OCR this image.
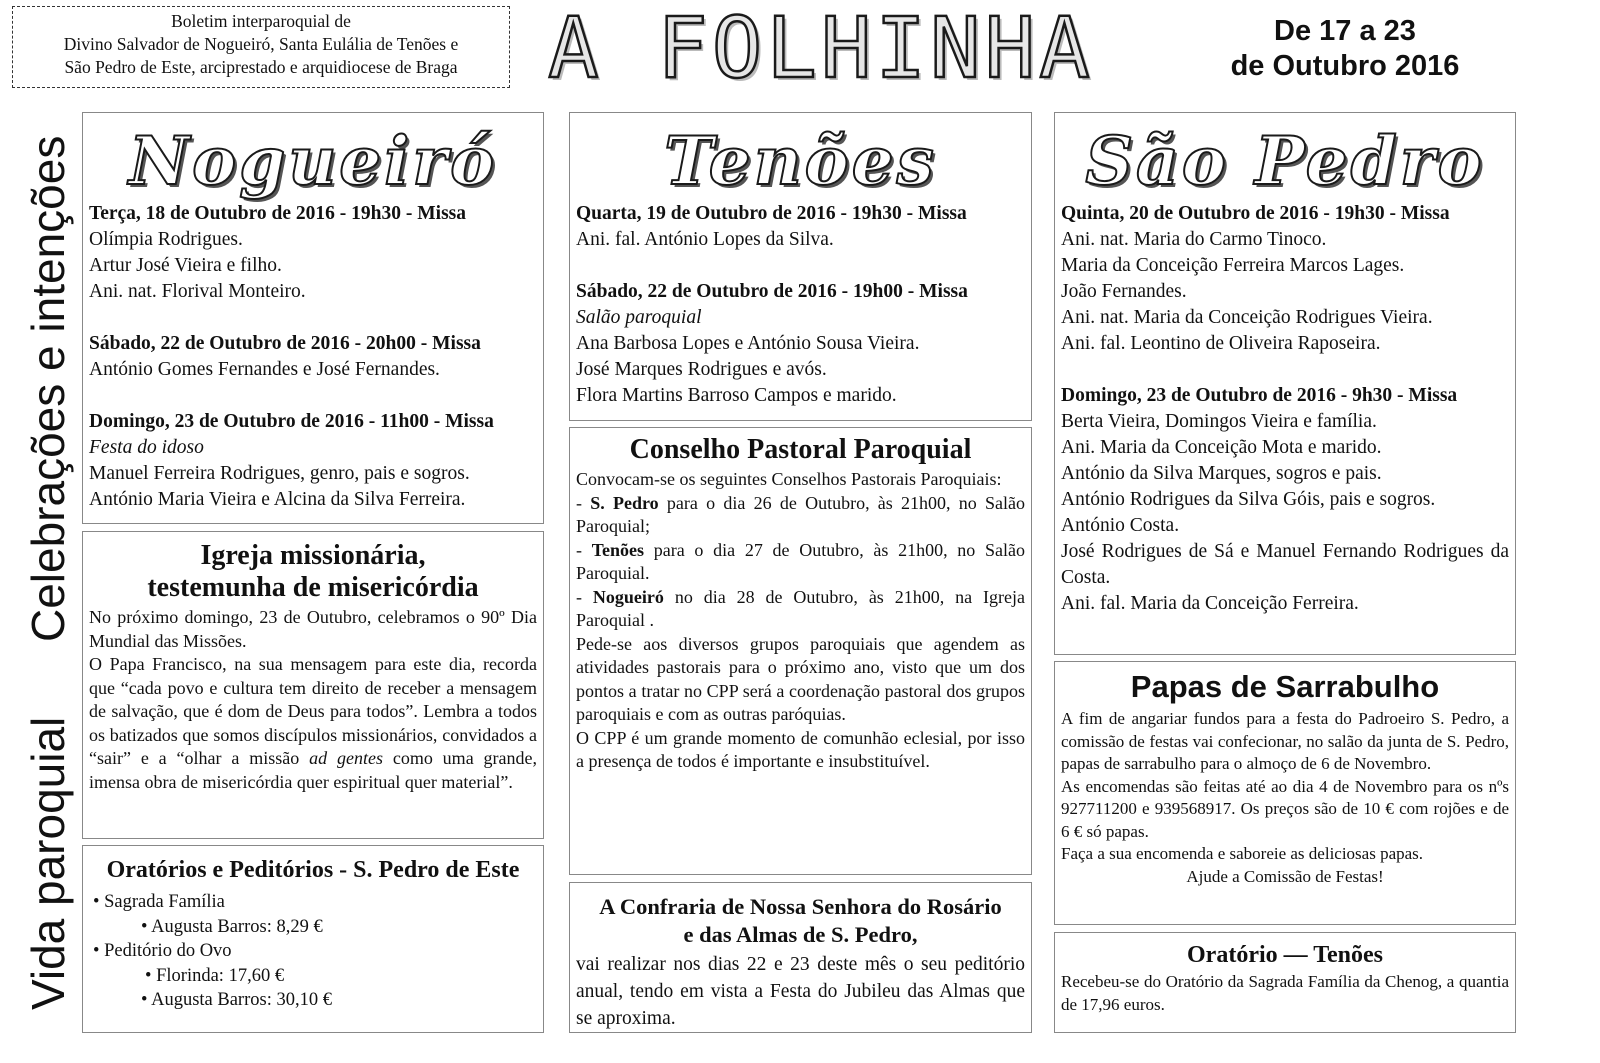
Boletim interparoquial de
Divino Salvador de Nogueiró, Santa Eulália de Tenões e
São Pedro de Este, arciprestado e arquidiocese de Braga	A FOLHINHA	De 17 a 23
de Outubro 2016
Vida paroquial
Celebrações e intenções Nogueiró
Terça, 18 de Outubro de 2016 - 19h30 - Missa
Olímpia Rodrigues.
Artur José Vieira e filho.
Ani. nat. Florival Monteiro.
Sábado, 22 de Outubro de 2016 - 20h00 - Missa
António Gomes Fernandes e José Fernandes.
Domingo, 23 de Outubro de 2016 - 11h00 - Missa
Festa do idoso
Manuel Ferreira Rodrigues, genro, pais e sogros.
António Maria Vieira e Alcina da Silva Ferreira.
Igreja missionária,
testemunha de misericórdia
No próximo domingo, 23 de Outubro, celebramos o 90º Dia Mundial das Missões.
O Papa Francisco, na sua mensagem para este dia, recorda que “cada povo e cultura tem direito de receber a mensagem de salvação, que é dom de Deus para todos”. Lembra a todos os batizados que somos discípulos missionários, convidados a “sair” e a “olhar a missão ad gentes como uma grande, imensa obra de misericórdia quer espiritual quer material”.
Oratórios e Peditórios - S. Pedro de Este
• Sagrada Família
• Augusta Barros: 8,29 €
• Peditório do Ovo
• Florinda: 17,60 €
• Augusta Barros: 30,10 €
Tenões
Quarta, 19 de Outubro de 2016 - 19h30 - Missa
Ani. fal. António Lopes da Silva.
Sábado, 22 de Outubro de 2016 - 19h00 - Missa
Salão paroquial
Ana Barbosa Lopes e António Sousa Vieira.
José Marques Rodrigues e avós.
Flora Martins Barroso Campos e marido.
Conselho Pastoral Paroquial
Convocam-se os seguintes Conselhos Pastorais Paroquiais:
- S. Pedro para o dia 26 de Outubro, às 21h00, no Salão Paroquial;
- Tenões para o dia 27 de Outubro, às 21h00, no Salão Paroquial.
- Nogueiró no dia 28 de Outubro, às 21h00, na Igreja Paroquial .
Pede-se aos diversos grupos paroquiais que agendem as atividades pastorais para o próximo ano, visto que um dos pontos a tratar no CPP será a coordenação pastoral dos grupos paroquiais e com as outras paróquias.
O CPP é um grande momento de comunhão eclesial, por isso a presença de todos é importante e insubstituível.
A Confraria de Nossa Senhora do Rosário
e das Almas de S. Pedro,
vai realizar nos dias 22 e 23 deste mês o seu peditório anual, tendo em vista a Festa do Jubileu das Almas que se aproxima.
São Pedro
Quinta, 20 de Outubro de 2016 - 19h30 - Missa
Ani. nat. Maria do Carmo Tinoco.
Maria da Conceição Ferreira Marcos Lages.
João Fernandes.
Ani. nat. Maria da Conceição Rodrigues Vieira.
Ani. fal. Leontino de Oliveira Raposeira.
Domingo, 23 de Outubro de 2016 - 9h30 - Missa
Berta Vieira, Domingos Vieira e família.
Ani. Maria da Conceição Mota e marido.
António da Silva Marques, sogros e pais.
António Rodrigues da Silva Góis, pais e sogros.
António Costa.
José Rodrigues de Sá e Manuel Fernando Rodrigues da Costa.
Ani. fal. Maria da Conceição Ferreira.
Papas de Sarrabulho
A fim de angariar fundos para a festa do Padroeiro S. Pedro, a comissão de festas vai confecionar, no salão da junta de S. Pedro, papas de sarrabulho para o almoço de 6 de Novembro.
As encomendas são feitas até ao dia 4 de Novembro para os nºs 927711200 e 939568917. Os preços são de 10 € com rojões e de 6 € só papas.
Faça a sua encomenda e saboreie as deliciosas papas.
Ajude a Comissão de Festas!
Oratório — Tenões
Recebeu-se do Oratório da Sagrada Família da Chenog, a quantia de 17,96 euros.
